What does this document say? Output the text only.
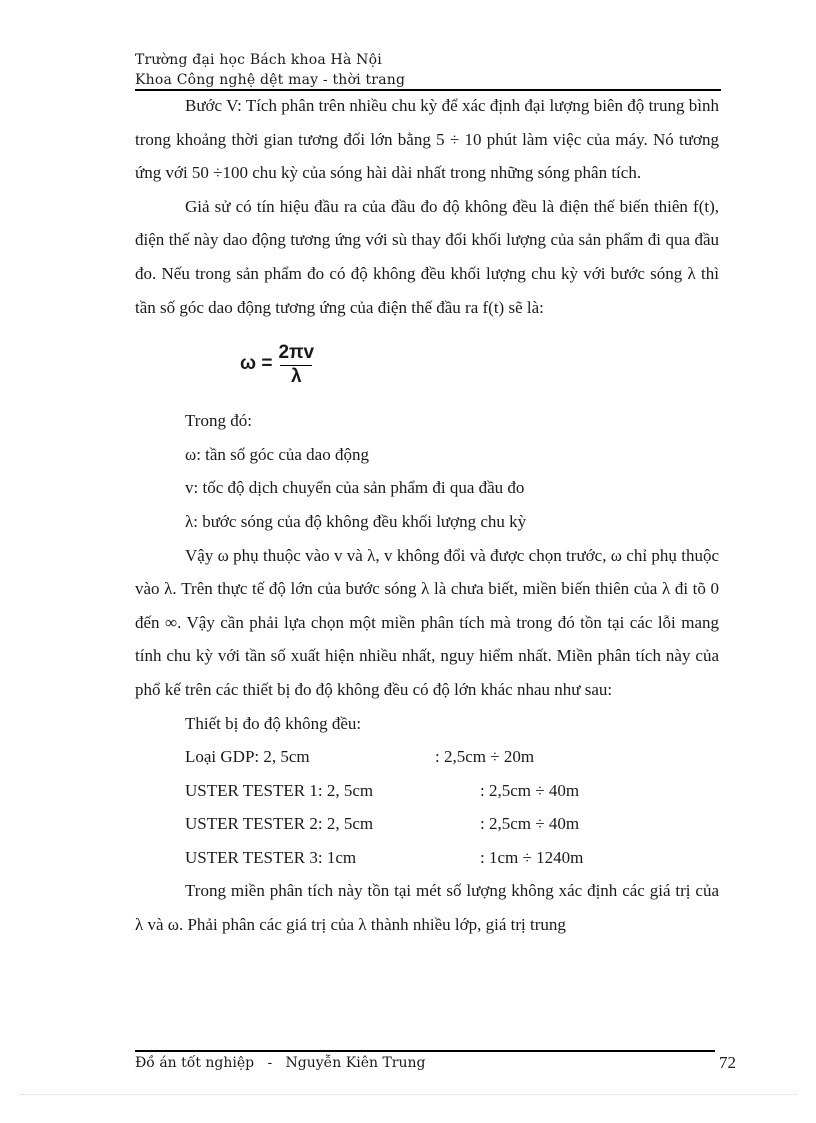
Trường đại học Bách khoa Hà Nội
Khoa Công nghệ dệt may - thời trang

Bước V: Tích phân trên nhiều chu kỳ để xác định đại lượng biên độ trung bình trong khoảng thời gian tương đối lớn bằng 5 ÷ 10 phút làm việc của máy. Nó tương ứng với 50 ÷100 chu kỳ của sóng hài dài nhất trong những sóng phân tích.

Giả sử có tín hiệu đầu ra của đầu đo độ không đều là điện thế biến thiên f(t), điện thế này dao động tương ứng với sù thay đổi khối lượng của sản phẩm đi qua đầu đo. Nếu trong sản phẩm đo có độ không đều khối lượng chu kỳ với bước sóng λ thì tần số góc dao động tương ứng của điện thế đầu ra f(t) sẽ là:

$\omega = \frac{2\pi v}{\lambda}$

Trong đó:

ω: tần số góc của dao động

v: tốc độ dịch chuyển của sản phẩm đi qua đầu đo

λ: bước sóng của độ không đều khối lượng chu kỳ

Vậy ω phụ thuộc vào v và λ, v không đổi và được chọn trước, ω chỉ phụ thuộc vào λ. Trên thực tế độ lớn của bước sóng λ là chưa biết, miền biến thiên của λ đi tõ 0 đến ∞. Vậy cần phải lựa chọn một miền phân tích mà trong đó tồn tại các lỗi mang tính chu kỳ với tần số xuất hiện nhiều nhất, nguy hiểm nhất. Miền phân tích này của phổ kế trên các thiết bị đo độ không đều có độ lớn khác nhau như sau:

Thiết bị đo độ không đều:

Loại GDP: 2, 5cm	: 2,5cm ÷ 20m
USTER TESTER 1: 2, 5cm	: 2,5cm ÷ 40m
USTER TESTER 2: 2, 5cm	: 2,5cm ÷ 40m
USTER TESTER 3: 1cm	: 1cm ÷ 1240m

Trong miền phân tích này tồn tại mét số lượng không xác định các giá trị của λ và ω. Phải phân các giá trị của λ thành nhiều lớp, giá trị trung

Đồ án tốt nghiệp   -   Nguyễn Kiên Trung	72
